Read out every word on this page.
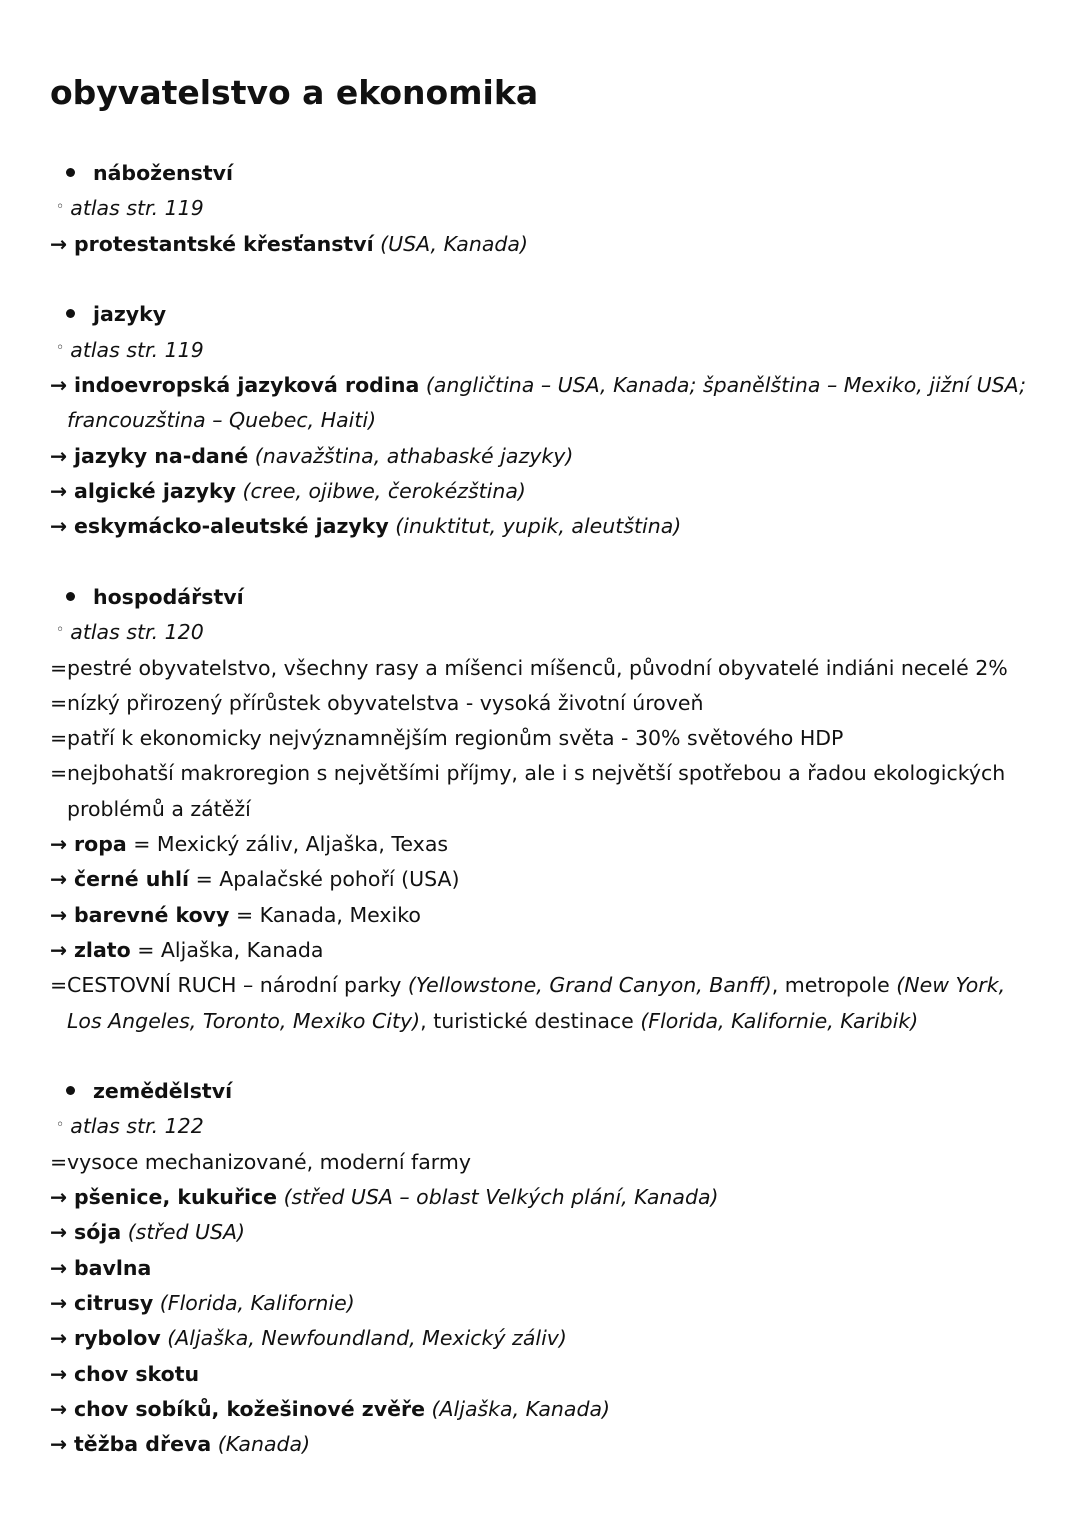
obyvatelstvo a ekonomika
náboženství
◦ atlas str. 119
→ protestantské křesťanství (USA, Kanada)
jazyky
◦ atlas str. 119
→ indoevropská jazyková rodina (angličtina – USA, Kanada; španělština – Mexiko, jižní USA;
francouzština – Quebec, Haiti)
→ jazyky na-dané (navažština, athabaské jazyky)
→ algické jazyky (cree, ojibwe, čerokézština)
→ eskymácko-aleutské jazyky (inuktitut, yupik, aleutština)
hospodářství
◦ atlas str. 120
=pestré obyvatelstvo, všechny rasy a míšenci míšenců, původní obyvatelé indiáni necelé 2%
=nízký přirozený přírůstek obyvatelstva - vysoká životní úroveň
=patří k ekonomicky nejvýznamnějším regionům světa - 30% světového HDP
=nejbohatší makroregion s největšími příjmy, ale i s největší spotřebou a řadou ekologických
problémů a zátěží
→ ropa = Mexický záliv, Aljaška, Texas
→ černé uhlí = Apalačské pohoří (USA)
→ barevné kovy = Kanada, Mexiko
→ zlato = Aljaška, Kanada
=CESTOVNÍ RUCH – národní parky (Yellowstone, Grand Canyon, Banff), metropole (New York,
Los Angeles, Toronto, Mexiko City), turistické destinace (Florida, Kalifornie, Karibik)
zemědělství
◦ atlas str. 122
=vysoce mechanizované, moderní farmy
→ pšenice, kukuřice (střed USA – oblast Velkých plání, Kanada)
→ sója (střed USA)
→ bavlna
→ citrusy (Florida, Kalifornie)
→ rybolov (Aljaška, Newfoundland, Mexický záliv)
→ chov skotu
→ chov sobíků, kožešinové zvěře (Aljaška, Kanada)
→ těžba dřeva (Kanada)
